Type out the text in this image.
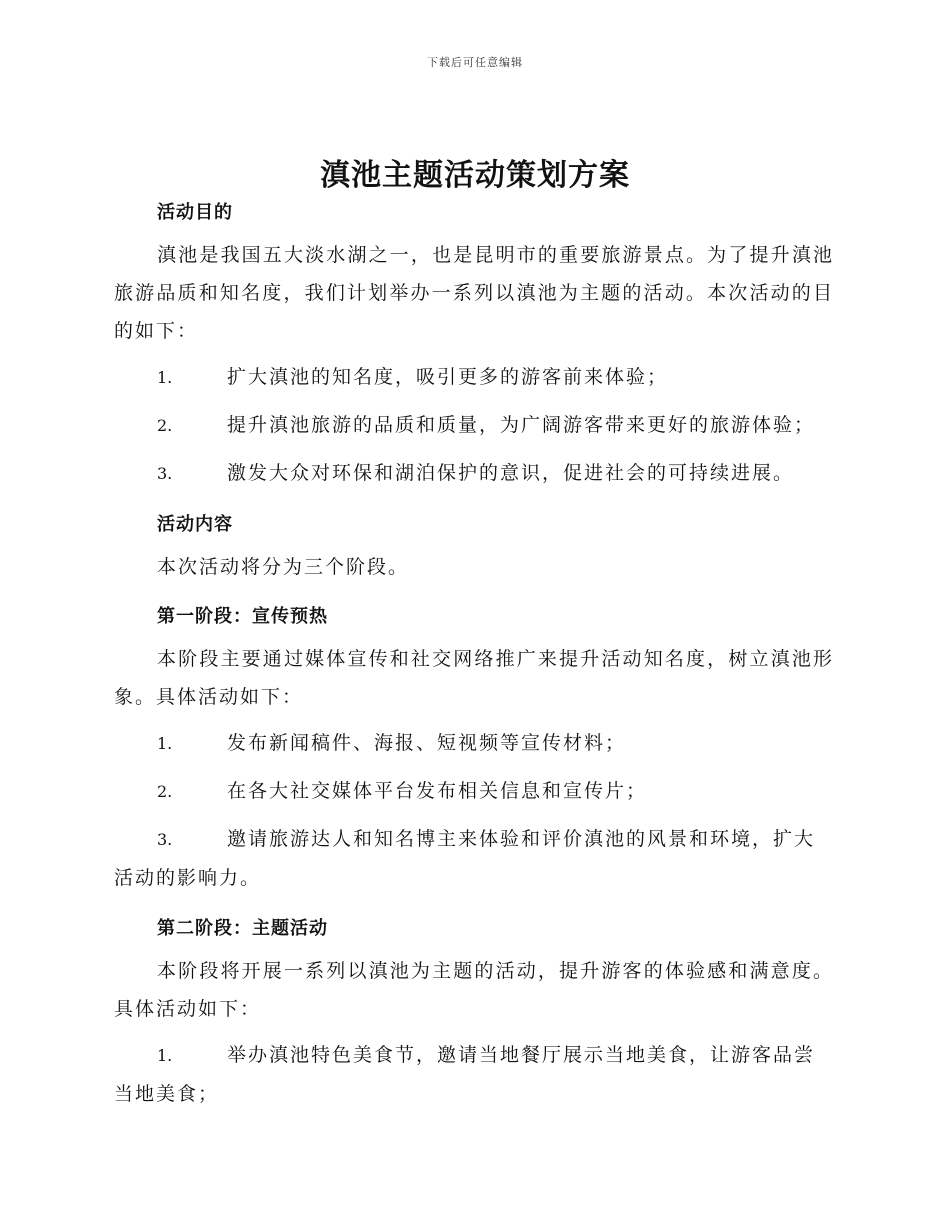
下载后可任意编辑
滇池主题活动策划方案

活动目的

滇池是我国五大淡水湖之一，也是昆明市的重要旅游景点。为了提升滇池旅游品质和知名度，我们计划举办一系列以滇池为主题的活动。本次活动的目的如下：

1.	扩大滇池的知名度，吸引更多的游客前来体验；

2.	提升滇池旅游的品质和质量，为广阔游客带来更好的旅游体验；

3.	激发大众对环保和湖泊保护的意识，促进社会的可持续进展。

活动内容

本次活动将分为三个阶段。

第一阶段：宣传预热

本阶段主要通过媒体宣传和社交网络推广来提升活动知名度，树立滇池形象。具体活动如下：

1.	发布新闻稿件、海报、短视频等宣传材料；

2.	在各大社交媒体平台发布相关信息和宣传片；

3.	邀请旅游达人和知名博主来体验和评价滇池的风景和环境，扩大活动的影响力。

第二阶段：主题活动

本阶段将开展一系列以滇池为主题的活动，提升游客的体验感和满意度。具体活动如下：

1.	举办滇池特色美食节，邀请当地餐厅展示当地美食，让游客品尝当地美食；
